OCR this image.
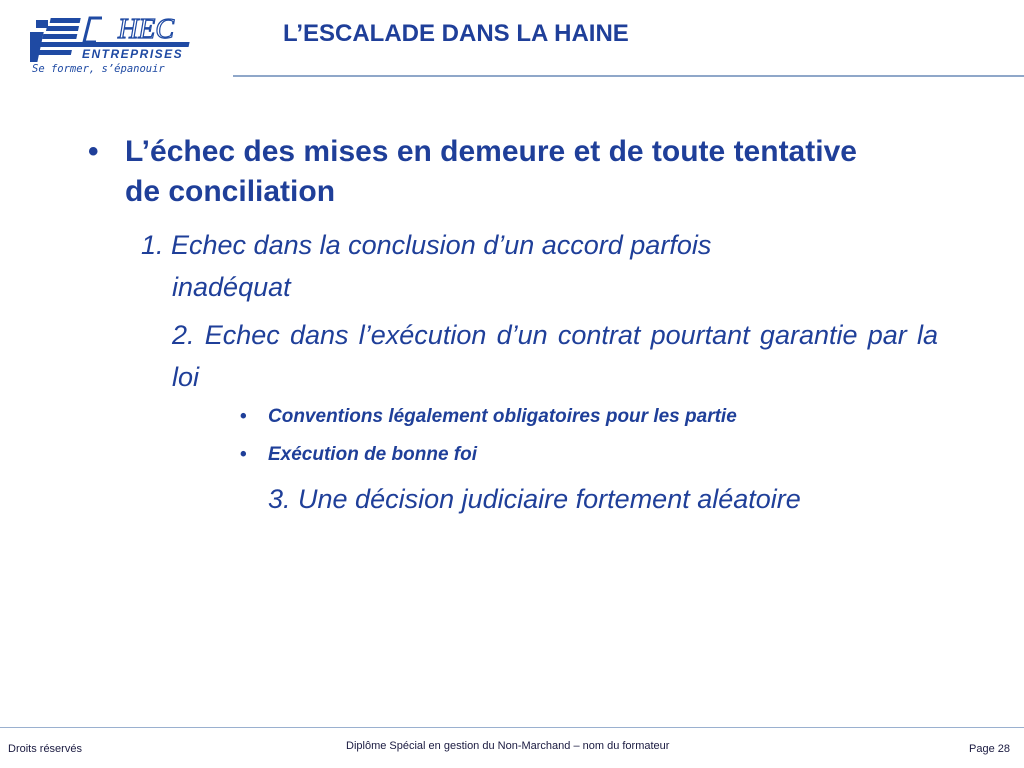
HEC
ENTREPRISES
Se former, s’épanouir
L’ESCALADE DANS LA HAINE
• L’échec des mises en demeure et de toute tentative de conciliation
1. Echec dans la conclusion d’un accord parfois
inadéquat
2. Echec dans l’exécution d’un contrat pourtant garantie par la loi
• Conventions légalement obligatoires pour les partie
• Exécution de bonne foi
3. Une décision judiciaire fortement aléatoire
Droits réservés	Diplôme Spécial en gestion du Non-Marchand – nom du formateur	Page 28
